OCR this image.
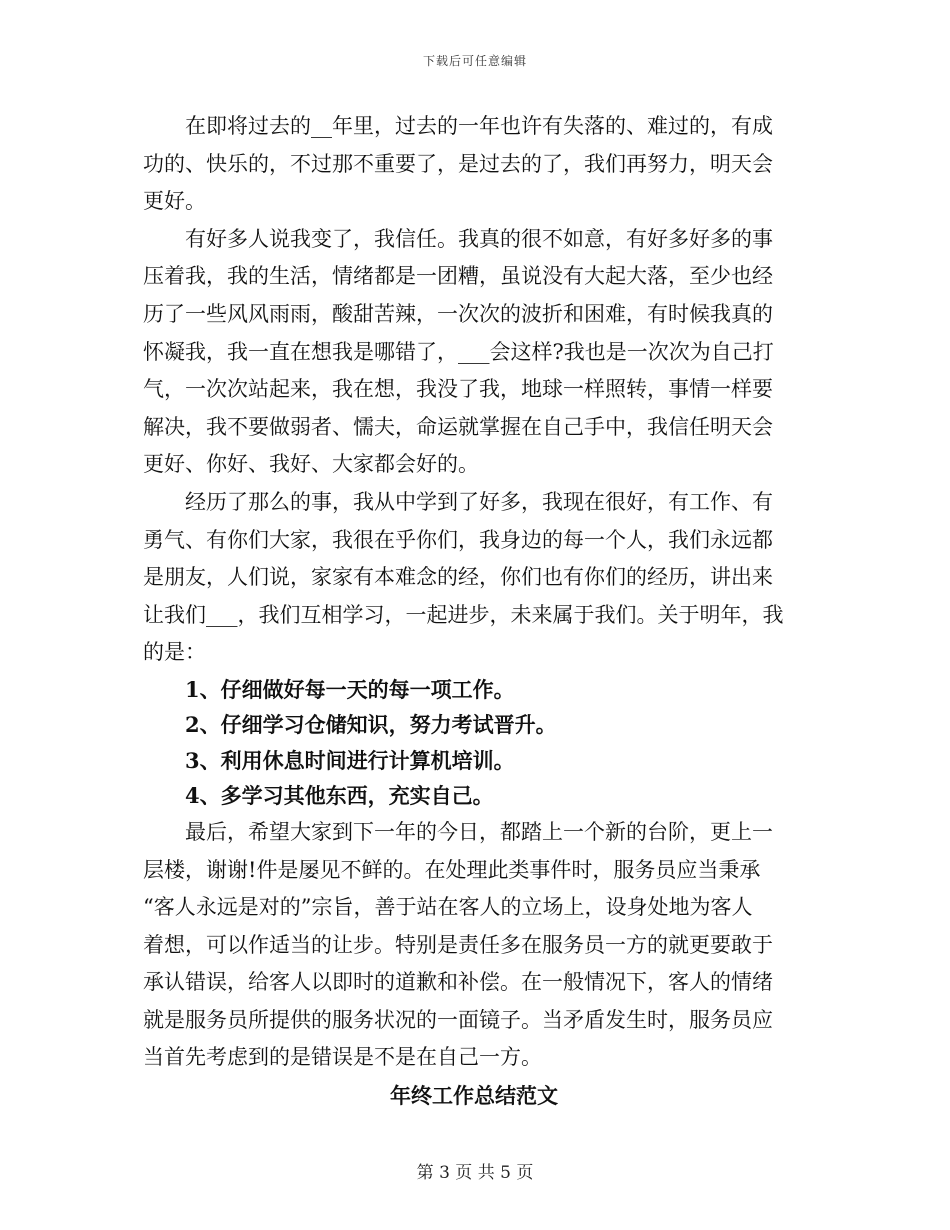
下载后可任意编辑
在即将过去的__年里，过去的一年也许有失落的、难过的，有成
功的、快乐的，不过那不重要了，是过去的了，我们再努力，明天会
更好。
有好多人说我变了，我信任。我真的很不如意，有好多好多的事
压着我，我的生活，情绪都是一团糟，虽说没有大起大落，至少也经
历了一些风风雨雨，酸甜苦辣，一次次的波折和困难，有时候我真的
怀凝我，我一直在想我是哪错了，___会这样?我也是一次次为自己打
气，一次次站起来，我在想，我没了我，地球一样照转，事情一样要
解决，我不要做弱者、懦夫，命运就掌握在自己手中，我信任明天会
更好、你好、我好、大家都会好的。
经历了那么的事，我从中学到了好多，我现在很好，有工作、有
勇气、有你们大家，我很在乎你们，我身边的每一个人，我们永远都
是朋友，人们说，家家有本难念的经，你们也有你们的经历，讲出来
让我们___，我们互相学习，一起进步，未来属于我们。关于明年，我
的是：

1、仔细做好每一天的每一项工作。

2、仔细学习仓储知识，努力考试晋升。

3、利用休息时间进行计算机培训。

4、多学习其他东西，充实自己。

最后，希望大家到下一年的今日，都踏上一个新的台阶，更上一
层楼，谢谢!件是屡见不鲜的。在处理此类事件时，服务员应当秉承
“客人永远是对的”宗旨，善于站在客人的立场上，设身处地为客人
着想，可以作适当的让步。特别是责任多在服务员一方的就更要敢于
承认错误，给客人以即时的道歉和补偿。在一般情况下，客人的情绪
就是服务员所提供的服务状况的一面镜子。当矛盾发生时，服务员应
当首先考虑到的是错误是不是在自己一方。

年终工作总结范文

第 3 页 共 5 页
